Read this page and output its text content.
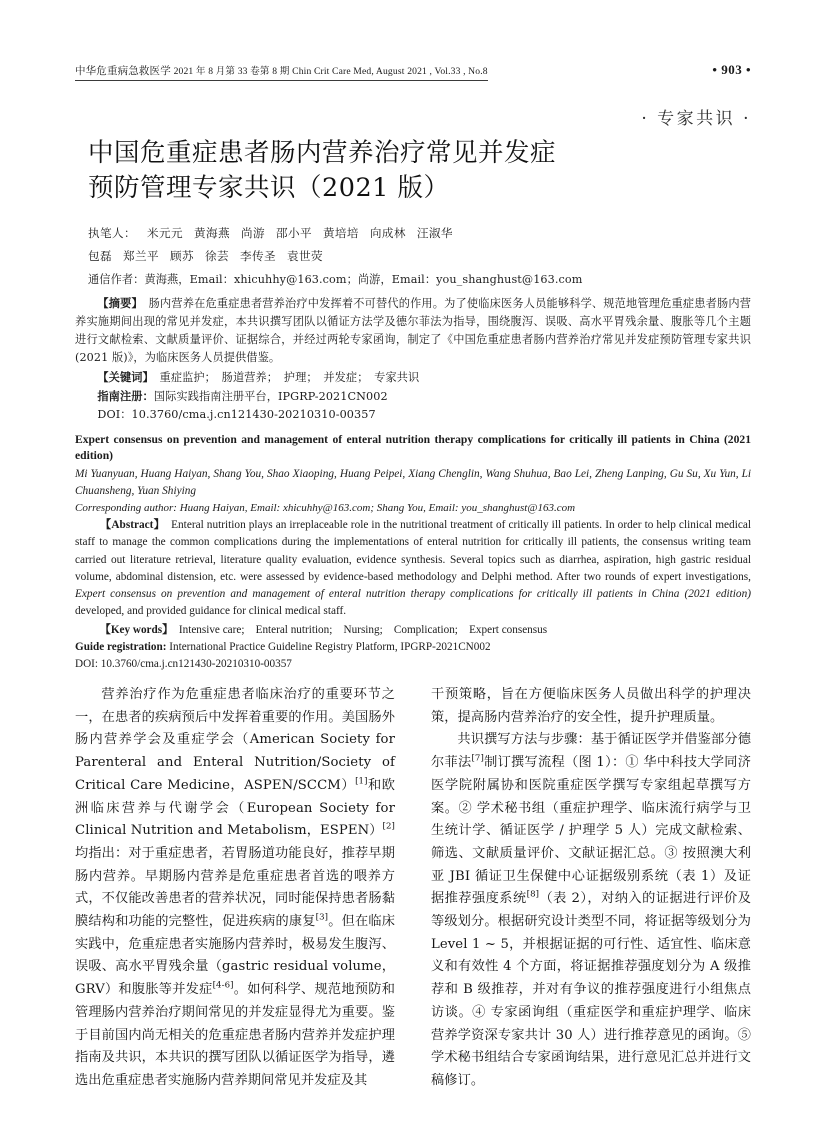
中华危重病急救医学 2021 年 8 月第 33 卷第 8 期 Chin Crit Care Med, August 2021 , Vol.33 , No.8	• 903 •
· 专家共识 ·
中国危重症患者肠内营养治疗常见并发症
预防管理专家共识（2021 版）
执笔人： 米元元 黄海燕 尚游 邵小平 黄培培 向成林 汪淑华
包磊 郑兰平 顾苏 徐芸 李传圣 袁世荧
通信作者：黄海燕，Email：xhicuhhy@163.com；尚游，Email：you_shanghust@163.com

【摘要】　 肠内营养在危重症患者营养治疗中发挥着不可替代的作用。为了使临床医务人员能够科学、规范地管理危重症患者肠内营养实施期间出现的常见并发症，本共识撰写团队以循证方法学及德尔菲法为指导，围绕腹泻、误吸、高水平胃残余量、腹胀等几个主题进行文献检索、文献质量评价、证据综合，并经过两轮专家函询，制定了《中国危重症患者肠内营养治疗常见并发症预防管理专家共识(2021 版)》，为临床医务人员提供借鉴。

【关键词】　 重症监护；　肠道营养；　护理；　并发症；　专家共识

指南注册：国际实践指南注册平台，IPGRP-2021CN002

DOI：10.3760/cma.j.cn121430-20210310-00357

Expert consensus on prevention and management of enteral nutrition therapy complications for critically ill patients in China (2021 edition)

Mi Yuanyuan, Huang Haiyan, Shang You, Shao Xiaoping, Huang Peipei, Xiang Chenglin, Wang Shuhua, Bao Lei, Zheng Lanping, Gu Su, Xu Yun, Li Chuansheng, Yuan Shiying

Corresponding author: Huang Haiyan, Email: xhicuhhy@163.com; Shang You, Email: you_shanghust@163.com

【Abstract】　 Enteral nutrition plays an irreplaceable role in the nutritional treatment of critically ill patients. In order to help clinical medical staff to manage the common complications during the implementations of enteral nutrition for critically ill patients, the consensus writing team carried out literature retrieval, literature quality evaluation, evidence synthesis. Several topics such as diarrhea, aspiration, high gastric residual volume, abdominal distension, etc. were assessed by evidence-based methodology and Delphi method. After two rounds of expert investigations, Expert consensus on prevention and management of enteral nutrition therapy complications for critically ill patients in China (2021 edition) developed, and provided guidance for clinical medical staff.

【Key words】　 Intensive care;　Enteral nutrition;　Nursing;　Complication;　Expert consensus
Guide registration: International Practice Guideline Registry Platform, IPGRP-2021CN002
DOI: 10.3760/cma.j.cn121430-20210310-00357

营养治疗作为危重症患者临床治疗的重要环节之一，在患者的疾病预后中发挥着重要的作用。美国肠外肠内营养学会及重症学会（American Society for Parenteral and Enteral Nutrition/Society of Critical Care Medicine，ASPEN/SCCM）[1]和欧洲临床营养与代谢学会（European Society for Clinical Nutrition and Metabolism，ESPEN）[2]均指出：对于重症患者，若胃肠道功能良好，推荐早期肠内营养。早期肠内营养是危重症患者首选的喂养方式，不仅能改善患者的营养状况，同时能保持患者肠黏膜结构和功能的完整性，促进疾病的康复[3]。但在临床实践中，危重症患者实施肠内营养时，极易发生腹泻、误吸、高水平胃残余量（gastric residual volume，GRV）和腹胀等并发症[4-6]。如何科学、规范地预防和管理肠内营养治疗期间常见的并发症显得尤为重要。鉴于目前国内尚无相关的危重症患者肠内营养并发症护理指南及共识，本共识的撰写团队以循证医学为指导，遴选出危重症患者实施肠内营养期间常见并发症及其

干预策略，旨在方便临床医务人员做出科学的护理决策，提高肠内营养治疗的安全性，提升护理质量。

共识撰写方法与步骤：基于循证医学并借鉴部分德尔菲法[7]制订撰写流程（图 1）：① 华中科技大学同济医学院附属协和医院重症医学撰写专家组起草撰写方案。② 学术秘书组（重症护理学、临床流行病学与卫生统计学、循证医学 / 护理学 5 人）完成文献检索、筛选、文献质量评价、文献证据汇总。③ 按照澳大利亚 JBI 循证卫生保健中心证据级别系统（表 1）及证据推荐强度系统[8]（表 2），对纳入的证据进行评价及等级划分。根据研究设计类型不同，将证据等级划分为 Level 1 ~ 5，并根据证据的可行性、适宜性、临床意义和有效性 4 个方面，将证据推荐强度划分为 A 级推荐和 B 级推荐，并对有争议的推荐强度进行小组焦点访谈。④ 专家函询组（重症医学和重症护理学、临床营养学资深专家共计 30 人）进行推荐意见的函询。⑤ 学术秘书组结合专家函询结果，进行意见汇总并进行文稿修订。
